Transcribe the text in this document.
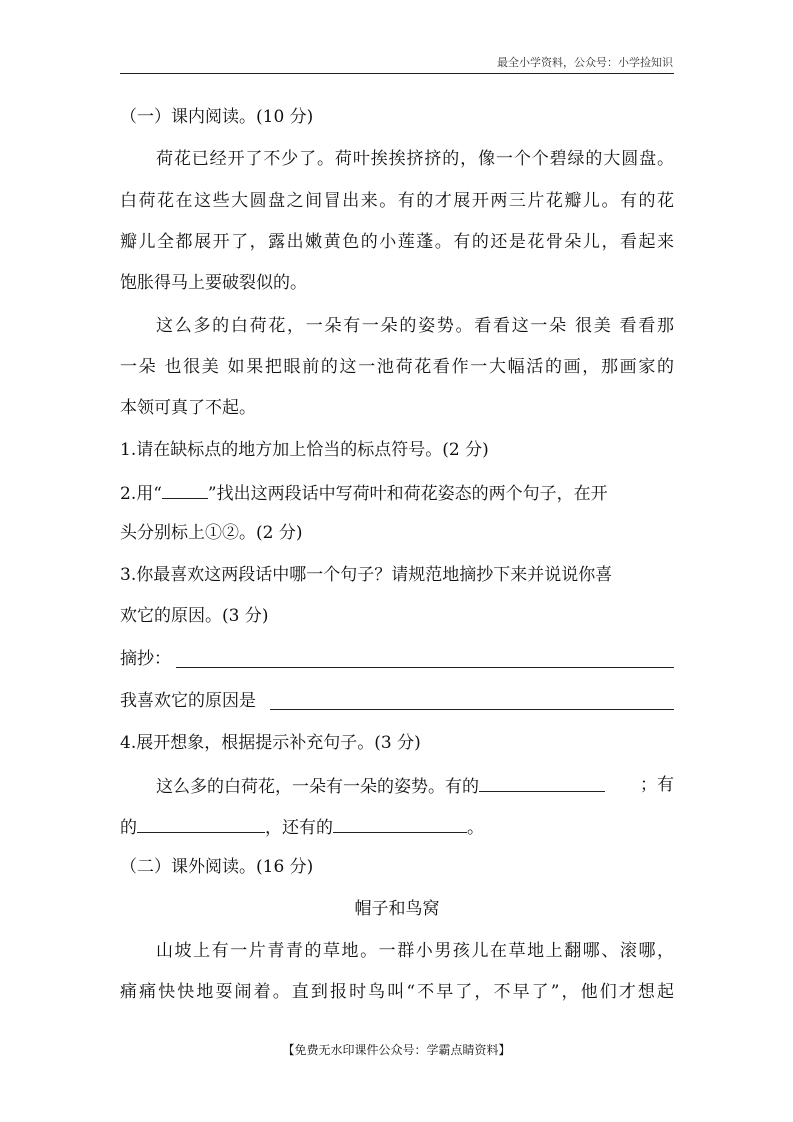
最全小学资料，公众号：小学捡知识
（一）课内阅读。(10 分)
荷花已经开了不少了。荷叶挨挨挤挤的，像一个个碧绿的大圆盘。
白荷花在这些大圆盘之间冒出来。有的才展开两三片花瓣儿。有的花
瓣儿全都展开了，露出嫩黄色的小莲蓬。有的还是花骨朵儿，看起来
饱胀得马上要破裂似的。
这么多的白荷花，一朵有一朵的姿势。看看这一朵 很美 看看那
一朵 也很美 如果把眼前的这一池荷花看作一大幅活的画，那画家的
本领可真了不起。
1.请在缺标点的地方加上恰当的标点符号。(2 分)
2.用“	”找出这两段话中写荷叶和荷花姿态的两个句子，在开
头分别标上①②。(2 分)
3.你最喜欢这两段话中哪一个句子？请规范地摘抄下来并说说你喜
欢它的原因。(3 分)
摘抄：
我喜欢它的原因是
4.展开想象，根据提示补充句子。(3 分)
这么多的白荷花，一朵有一朵的姿势。有的	；有
的	，还有的	。
（二）课外阅读。(16 分)
帽子和鸟窝
山坡上有一片青青的草地。一群小男孩儿在草地上翻哪、滚哪，
痛痛快快地耍闹着。直到报时鸟叫“不早了，不早了”，他们才想起
【免费无水印课件公众号：学霸点睛资料】
